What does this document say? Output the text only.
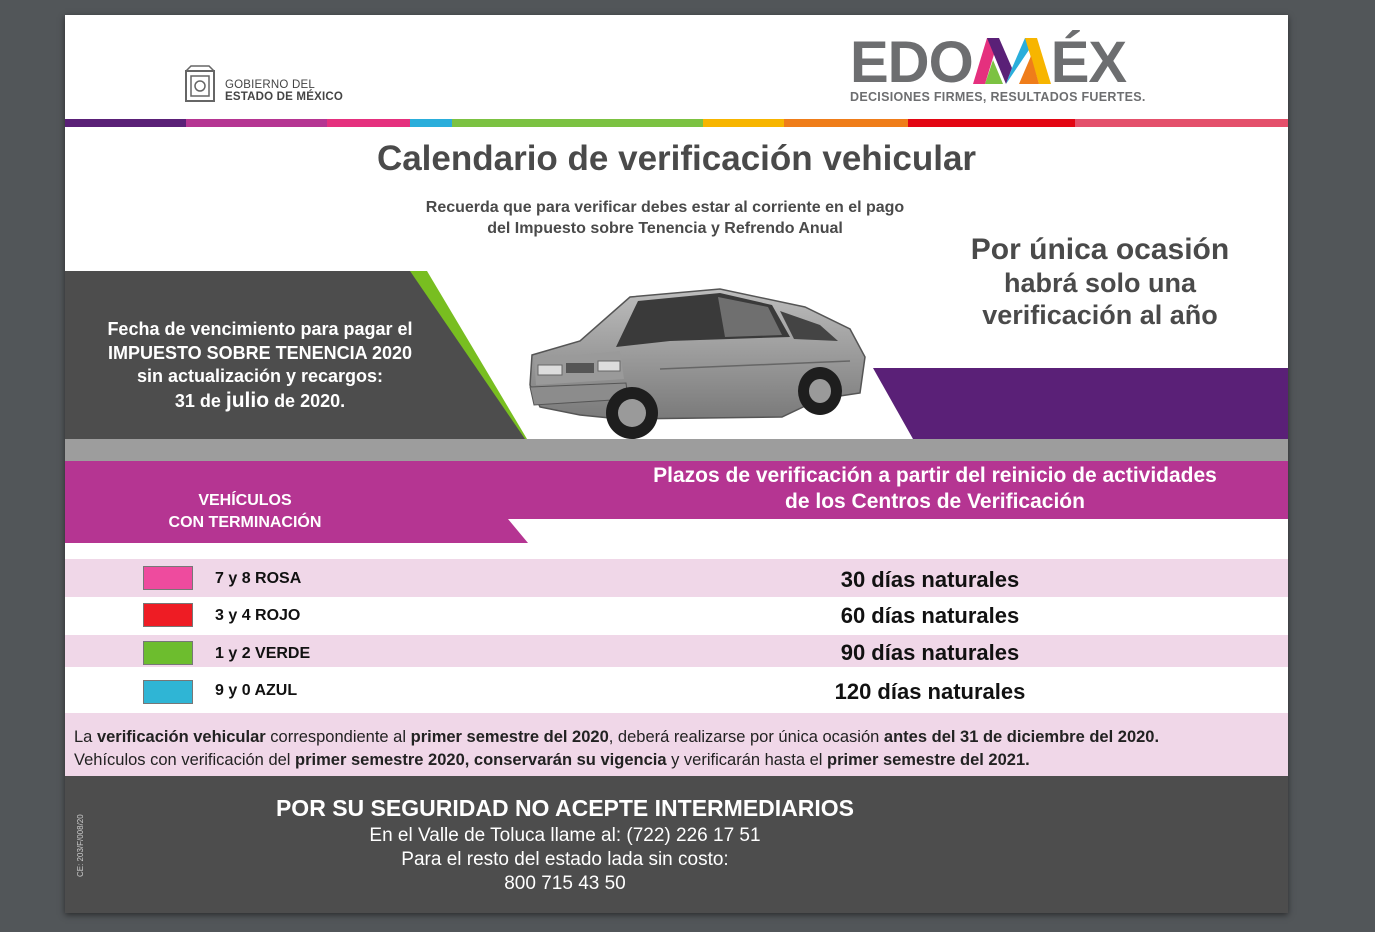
GOBIERNO DEL
ESTADO DE MÉXICO
EDO ÉX
DECISIONES FIRMES, RESULTADOS FUERTES.
Calendario de verificación vehicular
Recuerda que para verificar debes estar al corriente en el pago
del Impuesto sobre Tenencia y Refrendo Anual
Por única ocasión
habrá solo una
verificación al año
Fecha de vencimiento para pagar el
IMPUESTO SOBRE TENENCIA 2020
sin actualización y recargos:
31 de julio de 2020.
VEHÍCULOS
CON TERMINACIÓN
Plazos de verificación a partir del reinicio de actividades
de los Centros de Verificación
7 y 8 ROSA	30 días naturales
3 y 4 ROJO	60 días naturales
1 y 2 VERDE	90 días naturales
9 y 0 AZUL	120 días naturales
La verificación vehicular correspondiente al primer semestre del 2020, deberá realizarse por única ocasión antes del 31 de diciembre del 2020.
Vehículos con verificación del primer semestre 2020, conservarán su vigencia y verificarán hasta el primer semestre del 2021.
CE: 203/F/008/20
POR SU SEGURIDAD NO ACEPTE INTERMEDIARIOS
En el Valle de Toluca llame al: (722) 226 17 51
Para el resto del estado lada sin costo:
800 715 43 50
